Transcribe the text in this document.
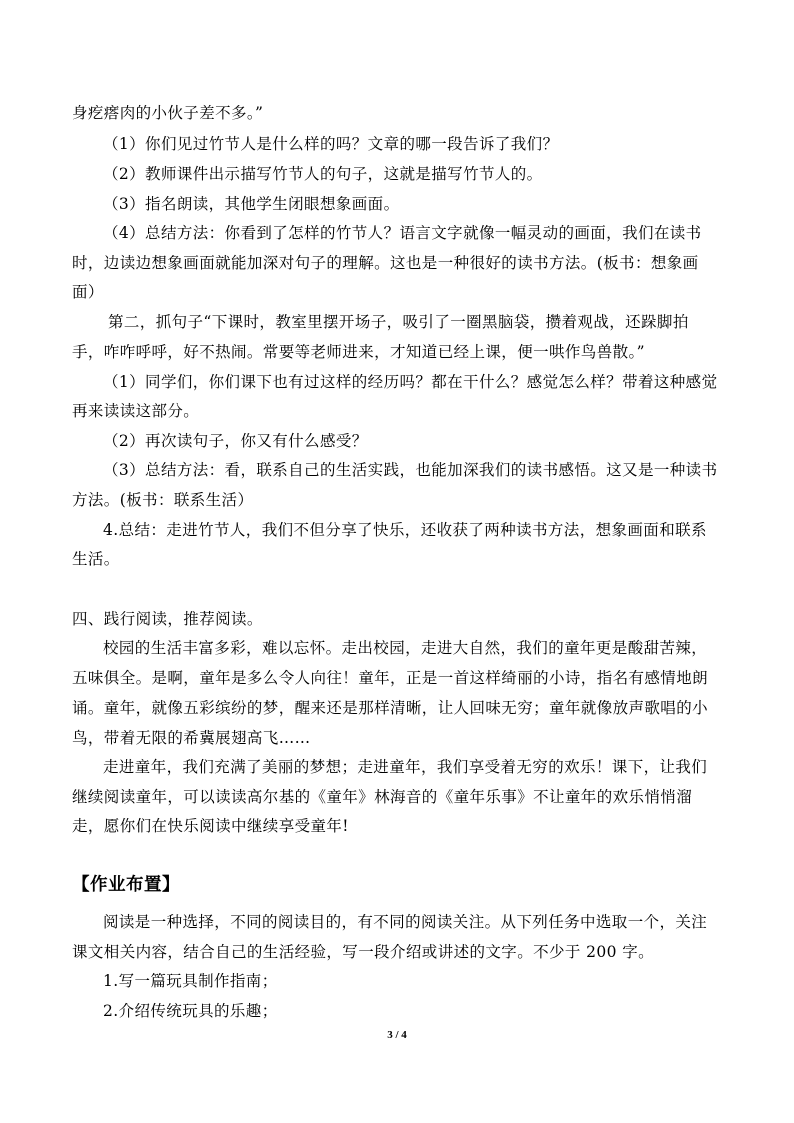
身疙瘩肉的小伙子差不多。”
（1）你们见过竹节人是什么样的吗？文章的哪一段告诉了我们？
（2）教师课件出示描写竹节人的句子，这就是描写竹节人的。
（3）指名朗读，其他学生闭眼想象画面。
（4）总结方法：你看到了怎样的竹节人？语言文字就像一幅灵动的画面，我们在读书
时，边读边想象画面就能加深对句子的理解。这也是一种很好的读书方法。(板书：想象画
面）
第二，抓句子“下课时，教室里摆开场子，吸引了一圈黑脑袋，攒着观战，还跺脚拍
手，咋咋呼呼，好不热闹。常要等老师进来，才知道已经上课，便一哄作鸟兽散。”
（1）同学们，你们课下也有过这样的经历吗？都在干什么？感觉怎么样？带着这种感觉
再来读读这部分。
（2）再次读句子，你又有什么感受？
（3）总结方法：看，联系自己的生活实践，也能加深我们的读书感悟。这又是一种读书
方法。(板书：联系生活）
4.总结：走进竹节人，我们不但分享了快乐，还收获了两种读书方法，想象画面和联系
生活。
四、践行阅读，推荐阅读。
校园的生活丰富多彩，难以忘怀。走出校园，走进大自然，我们的童年更是酸甜苦辣，
五味俱全。是啊，童年是多么令人向往！童年，正是一首这样绮丽的小诗，指名有感情地朗
诵。童年，就像五彩缤纷的梦，醒来还是那样清晰，让人回味无穷；童年就像放声歌唱的小
鸟，带着无限的希冀展翅高飞……
走进童年，我们充满了美丽的梦想；走进童年，我们享受着无穷的欢乐！课下，让我们
继续阅读童年，可以读读高尔基的《童年》林海音的《童年乐事》不让童年的欢乐悄悄溜
走，愿你们在快乐阅读中继续享受童年!
【作业布置】
阅读是一种选择，不同的阅读目的，有不同的阅读关注。从下列任务中选取一个，关注
课文相关内容，结合自己的生活经验，写一段介绍或讲述的文字。不少于 200 字。
1.写一篇玩具制作指南；
2.介绍传统玩具的乐趣；
3 / 4
